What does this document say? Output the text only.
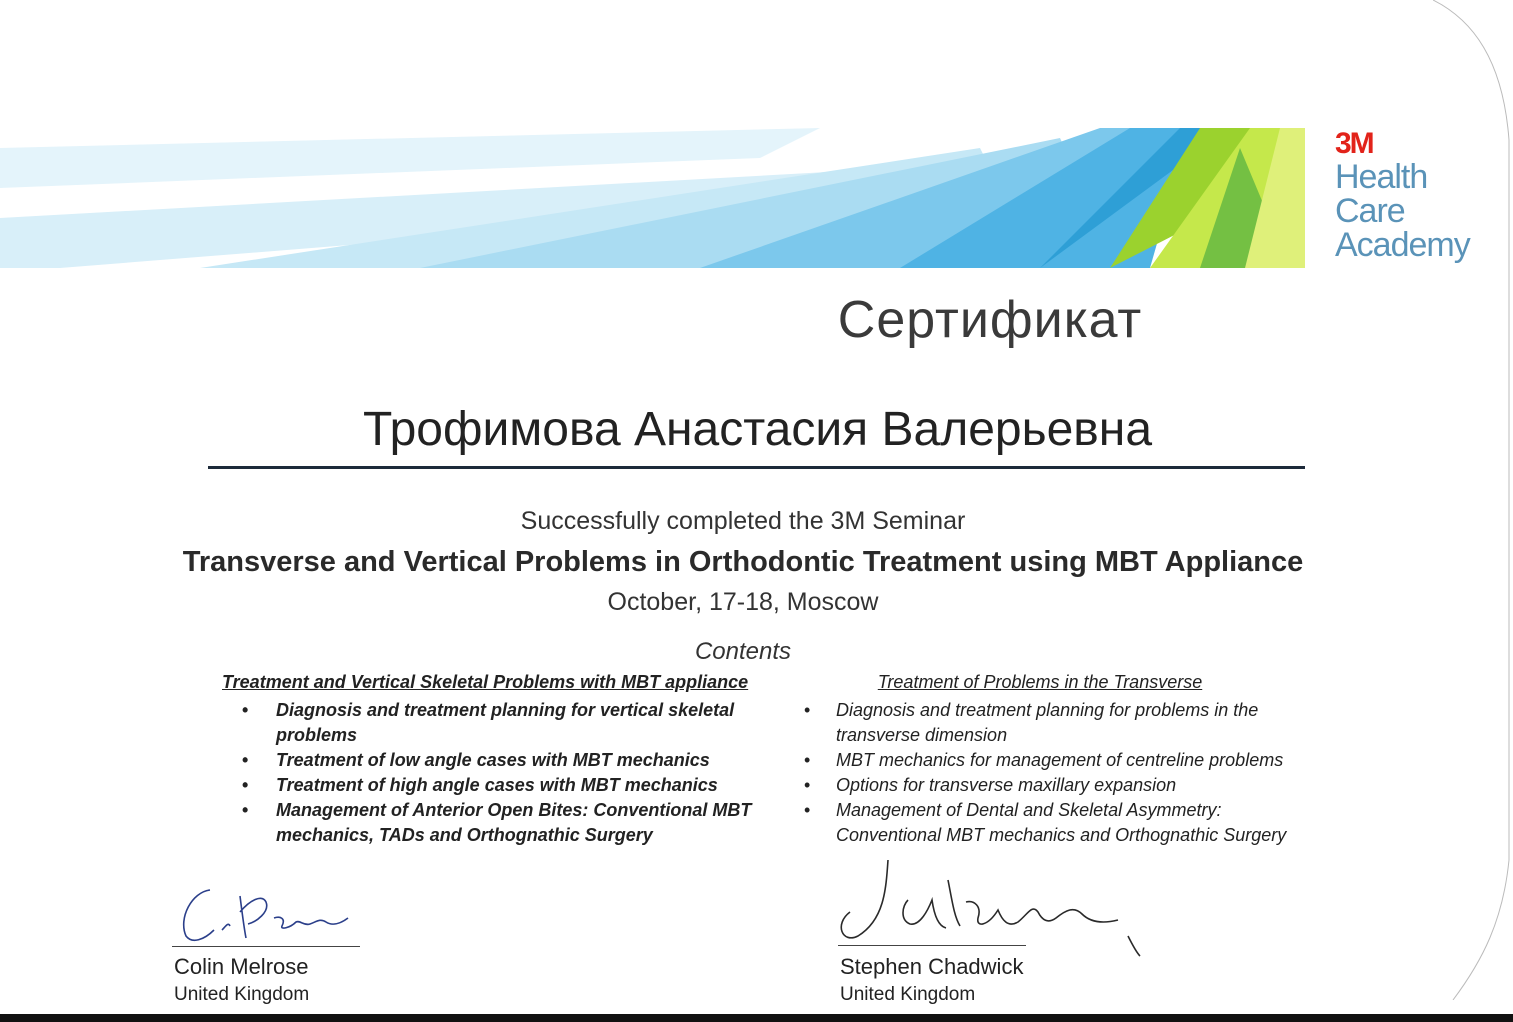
3M
Health
Care
Academy
Сертификат
Трофимова Анастасия Валерьевна
Successfully completed the 3M Seminar
Transverse and Vertical Problems in Orthodontic Treatment using MBT Appliance
October, 17-18, Moscow
Contents
Treatment and Vertical Skeletal Problems with MBT appliance
• Diagnosis and treatment planning for vertical skeletal problems
• Treatment of low angle cases with MBT mechanics
• Treatment of high angle cases with MBT mechanics
• Management of Anterior Open Bites: Conventional MBT mechanics, TADs and Orthognathic Surgery
Treatment of Problems in the Transverse
• Diagnosis and treatment planning for problems in the transverse dimension
• MBT mechanics for management of centreline problems
• Options for transverse maxillary expansion
• Management of Dental and Skeletal Asymmetry: Conventional MBT mechanics and Orthognathic Surgery
Colin Melrose
United Kingdom
Stephen Chadwick
United Kingdom
